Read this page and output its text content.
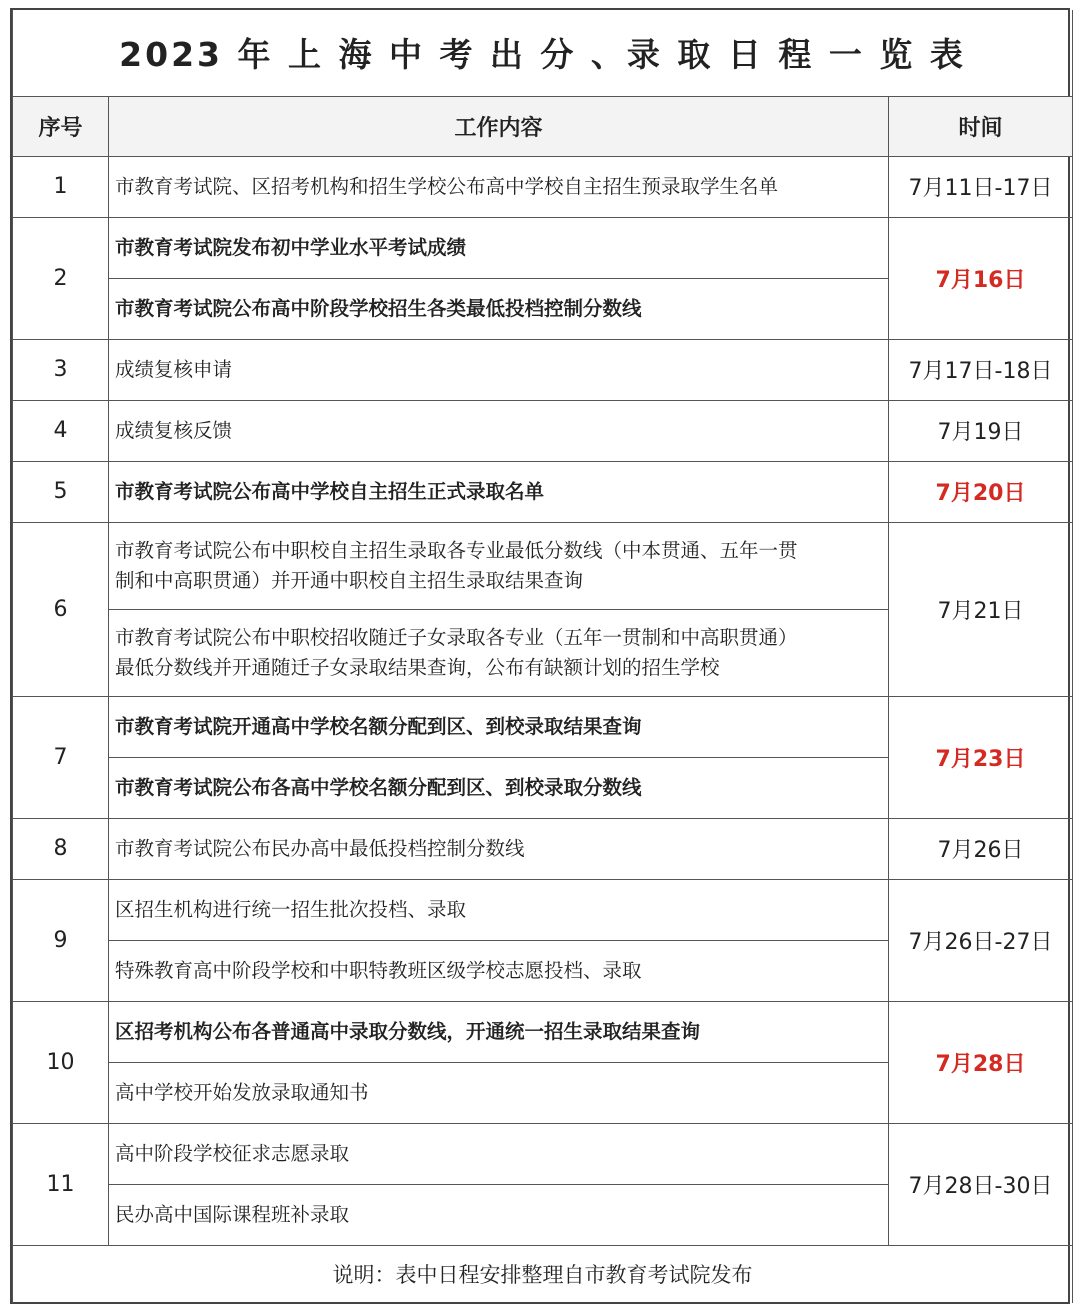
2023 年 上 海 中 考 出 分 、录 取 日 程 一 览 表		
序号	工作内容	时间
1	市教育考试院、区招考机构和招生学校公布高中学校自主招生预录取学生名单	7月11日-17日
2	市教育考试院发布初中学业水平考试成绩	7月16日

	市教育考试院公布高中阶段学校招生各类最低投档控制分数线	

3	成绩复核申请	7月17日-18日
4	成绩复核反馈	7月19日
5	市教育考试院公布高中学校自主招生正式录取名单	7月20日
6	市教育考试院公布中职校自主招生录取各专业最低分数线（中本贯通、五年一贯
制和中高职贯通）并开通中职校自主招生录取结果查询	7月21日

	市教育考试院公布中职校招收随迁子女录取各专业（五年一贯制和中高职贯通）
最低分数线并开通随迁子女录取结果查询，公布有缺额计划的招生学校	

7	市教育考试院开通高中学校名额分配到区、到校录取结果查询	7月23日

	市教育考试院公布各高中学校名额分配到区、到校录取分数线	

8	市教育考试院公布民办高中最低投档控制分数线	7月26日
9	区招生机构进行统一招生批次投档、录取	7月26日-27日

	特殊教育高中阶段学校和中职特教班区级学校志愿投档、录取	

10	区招考机构公布各普通高中录取分数线，开通统一招生录取结果查询	7月28日

	高中学校开始发放录取通知书	

11	高中阶段学校征求志愿录取	7月28日-30日

	民办高中国际课程班补录取	

说明：表中日程安排整理自市教育考试院发布		
